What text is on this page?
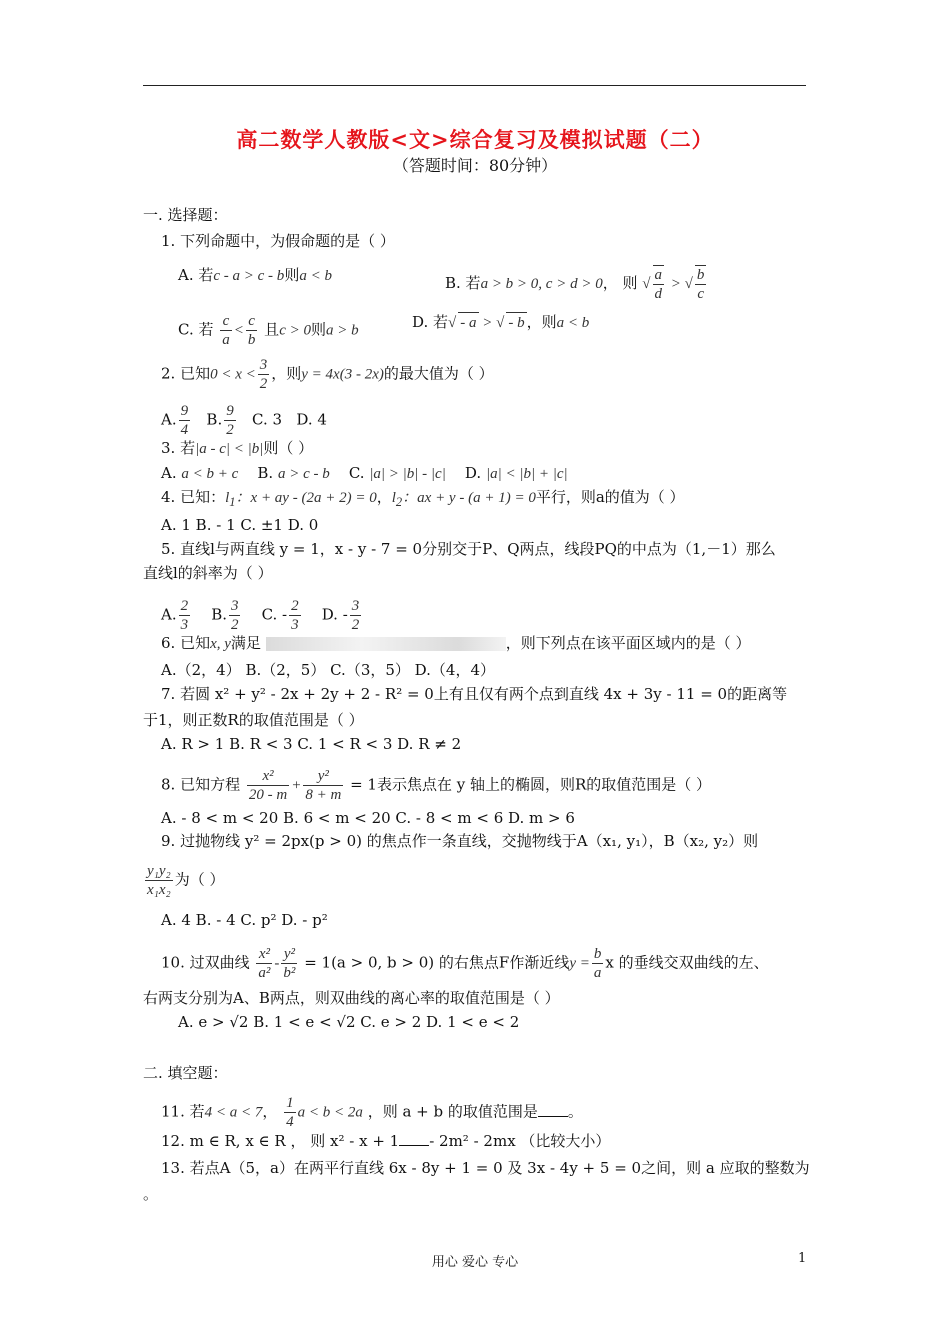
高二数学人教版<文>综合复习及模拟试题（二）
（答题时间：80分钟）
一. 选择题：
1. 下列命题中，为假命题的是（ ）
A. 若c - a > c - b则a < b	B. 若a > b > 0, c > d > 0， 则 √ $\frac{a}{d}$ > √ $\frac{b}{c}$
C. 若 $\frac{c}{a} < \frac{c}{b}$ 且c > 0则a > b	D. 若√ - a > √ - b ，则a < b
2. 已知$0 < x < \frac{3}{2}$ ，则y = 4x(3 - 2x)的最大值为（ ）
A. $\frac{9}{4} B$. $\frac{9}{2} C$. 3 D. 4
3. 若|a - c| < |b|则（ ）
A. a < b + c B. a > c - b C. |a| > |b| - |c| D. |a| < |b| + |c|
4. 已知：$l_1$：x + ay - (2a + 2) = 0，$l_2$：ax + y - (a + 1) = 0平行，则a的值为（ ）
A. 1 B. - 1 C. ±1 D. 0
5. 直线l与两直线 y = 1，x - y - 7 = 0分别交于P、Q两点，线段PQ的中点为（1,－1）那么
直线l的斜率为（ ）
A. $\frac{2}{3} B$. $\frac{3}{2} C$. - $\frac{2}{3} D$. - $\frac{3}{2}$
6. 已知x, y满足	，则下列点在该平面区域内的是（ ）
A.（2，4） B.（2，5） C.（3，5） D.（4，4）
7. 若圆 x² + y² - 2x + 2y + 2 - R² = 0上有且仅有两个点到直线 4x + 3y - 11 = 0的距离等
于1，则正数R的取值范围是（ ）
A. R > 1 B. R < 3 C. 1 < R < 3 D. R ≠ 2
8. 已知方程 $\frac{\text{x²}}{20 - m} + \frac{\text{y²}}{8 + m} = 1$表示焦点在 y 轴上的椭圆，则R的取值范围是（ ）
A. - 8 < m < 20 B. 6 < m < 20 C. - 8 < m < 6 D. m > 6
9. 过抛物线 y² = 2px(p > 0) 的焦点作一条直线，交抛物线于A（x₁, y₁），B（x₂, y₂）则
$\frac{\text{y₁y₂}}{\text{x₁x₂}}$ 为（ ）
A. 4 B. - 4 C. p² D. - p²
10. 过双曲线 $\frac{\text{x²}}{\text{a²}} - \frac{\text{y²}}{\text{b²}} = 1(a > 0$, b > 0) 的右焦点F作渐近线$y = \frac{b}{a}$ x 的垂线交双曲线的左、
右两支分别为A、B两点，则双曲线的离心率的取值范围是（ ）
A. e > √2 B. 1 < e < √2 C. e > 2 D. 1 < e < 2
二. 填空题：
11. 若4 < a < 7， $\frac{1}{4}$ a < b < 2a ，则 a + b 的取值范围是 。
12. m ∈ R, x ∈ R ， 则 x² - x + 1 - 2m² - 2mx （比较大小）
13. 若点A（5，a）在两平行直线 6x - 8y + 1 = 0 及 3x - 4y + 5 = 0之间，则 a 应取的整数为
。
用心 爱心 专心	1
